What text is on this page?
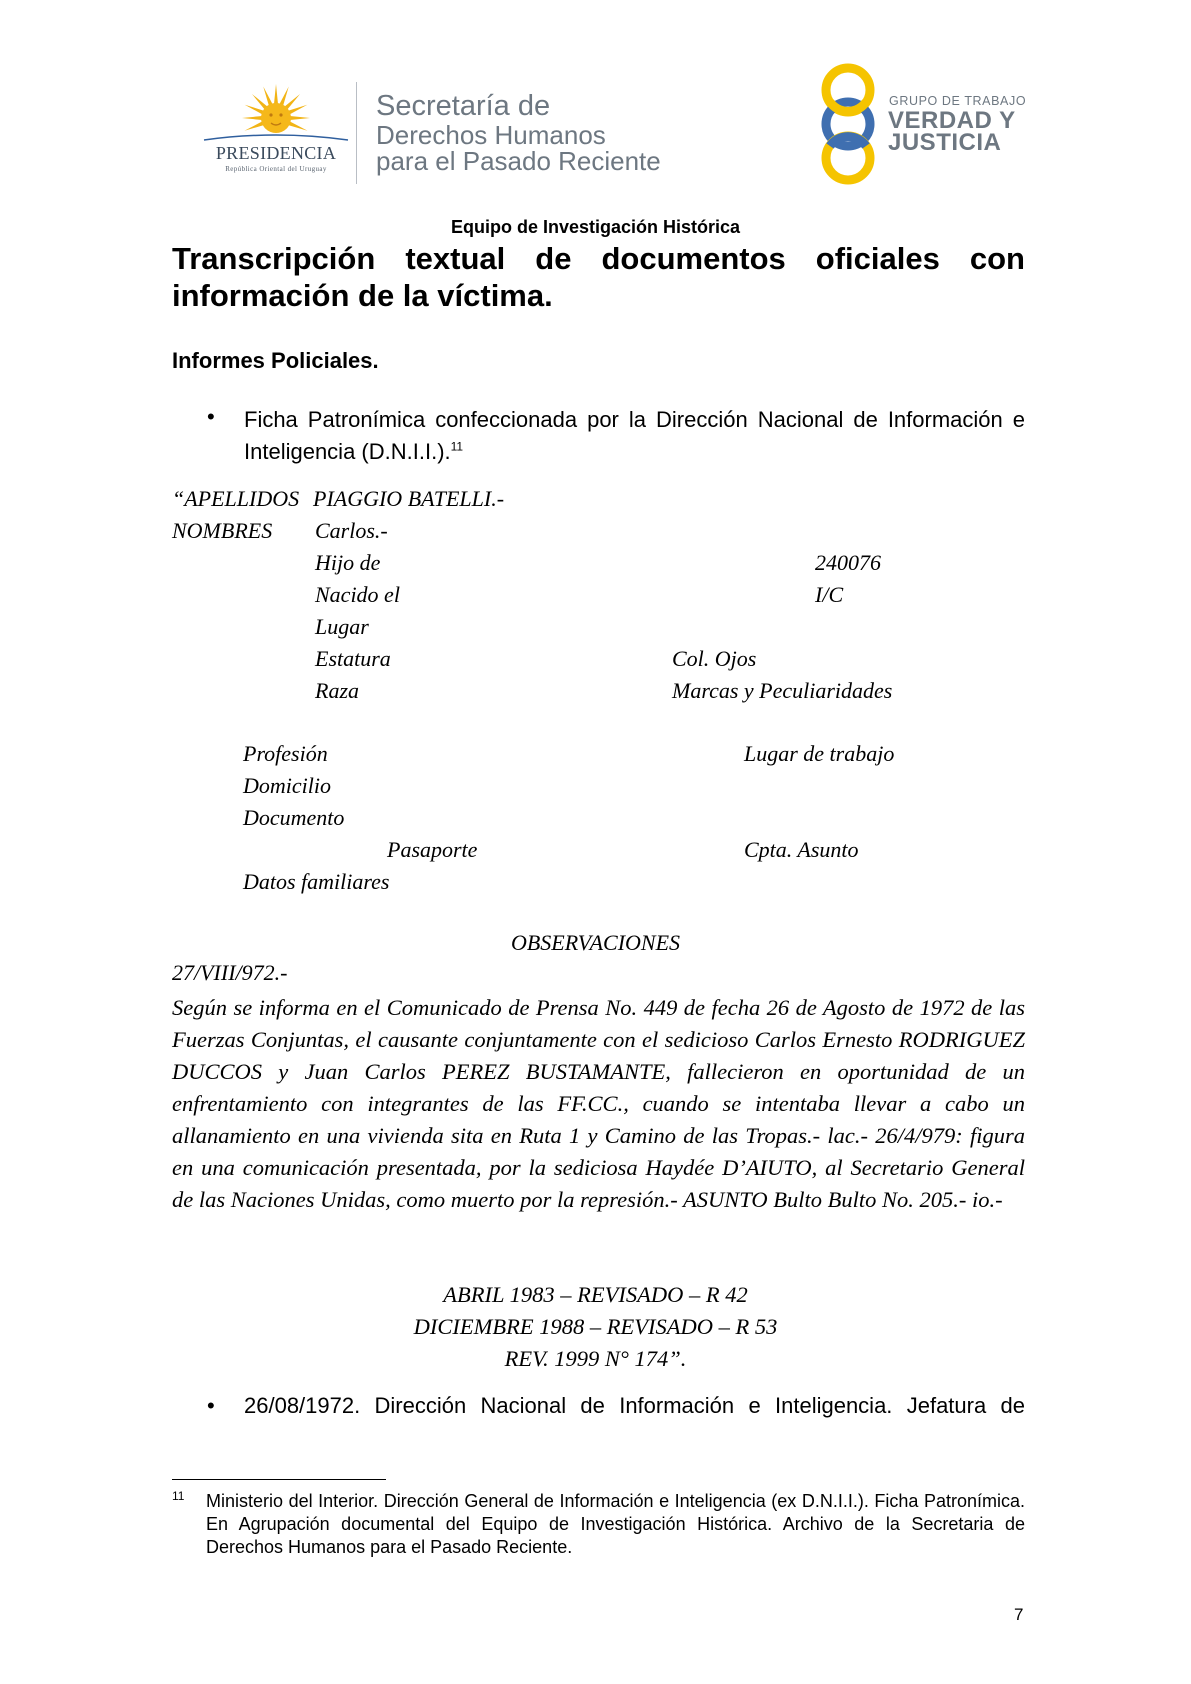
PRESIDENCIA
República Oriental del Uruguay
Secretaría de
Derechos Humanos
para el Pasado Reciente
GRUPO DE TRABAJO
VERDAD Y
JUSTICIA
Equipo de Investigación Histórica
Transcripción textual de documentos oficiales con información de la víctima.
Informes Policiales.
• Ficha Patronímica confeccionada por la Dirección Nacional de Información e Inteligencia (D.N.I.I.).$^{11}$
“APELLIDOS PIAGGIO BATELLI.-
NOMBRES Carlos.-
Hijo de	240076
Nacido el	I/C
Lugar
Estatura	Col. Ojos
Raza	Marcas y Peculiaridades
Profesión	Lugar de trabajo
Domicilio
Documento
Pasaporte	Cpta. Asunto
Datos familiares
OBSERVACIONES
27/VIII/972.-
Según se informa en el Comunicado de Prensa No. 449 de fecha 26 de Agosto de 1972 de las Fuerzas Conjuntas, el causante conjuntamente con el sedicioso Carlos Ernesto RODRIGUEZ DUCCOS y Juan Carlos PEREZ BUSTAMANTE, fallecieron en oportunidad de un enfrentamiento con integrantes de las FF.CC., cuando se intentaba llevar a cabo un allanamiento en una vivienda sita en Ruta 1 y Camino de las Tropas.- lac.- 26/4/979: figura en una comunicación presentada, por la sediciosa Haydée D’AIUTO, al Secretario General de las Naciones Unidas, como muerto por la represión.- ASUNTO Bulto Bulto No. 205.- io.-
ABRIL 1983 – REVISADO – R 42
DICIEMBRE 1988 – REVISADO – R 53
REV. 1999 N° 174”.
• 26/08/1972. Dirección Nacional de Información e Inteligencia. Jefatura de
11 Ministerio del Interior. Dirección General de Información e Inteligencia (ex D.N.I.I.). Ficha Patronímica. En Agrupación documental del Equipo de Investigación Histórica. Archivo de la Secretaria de Derechos Humanos para el Pasado Reciente.
7
